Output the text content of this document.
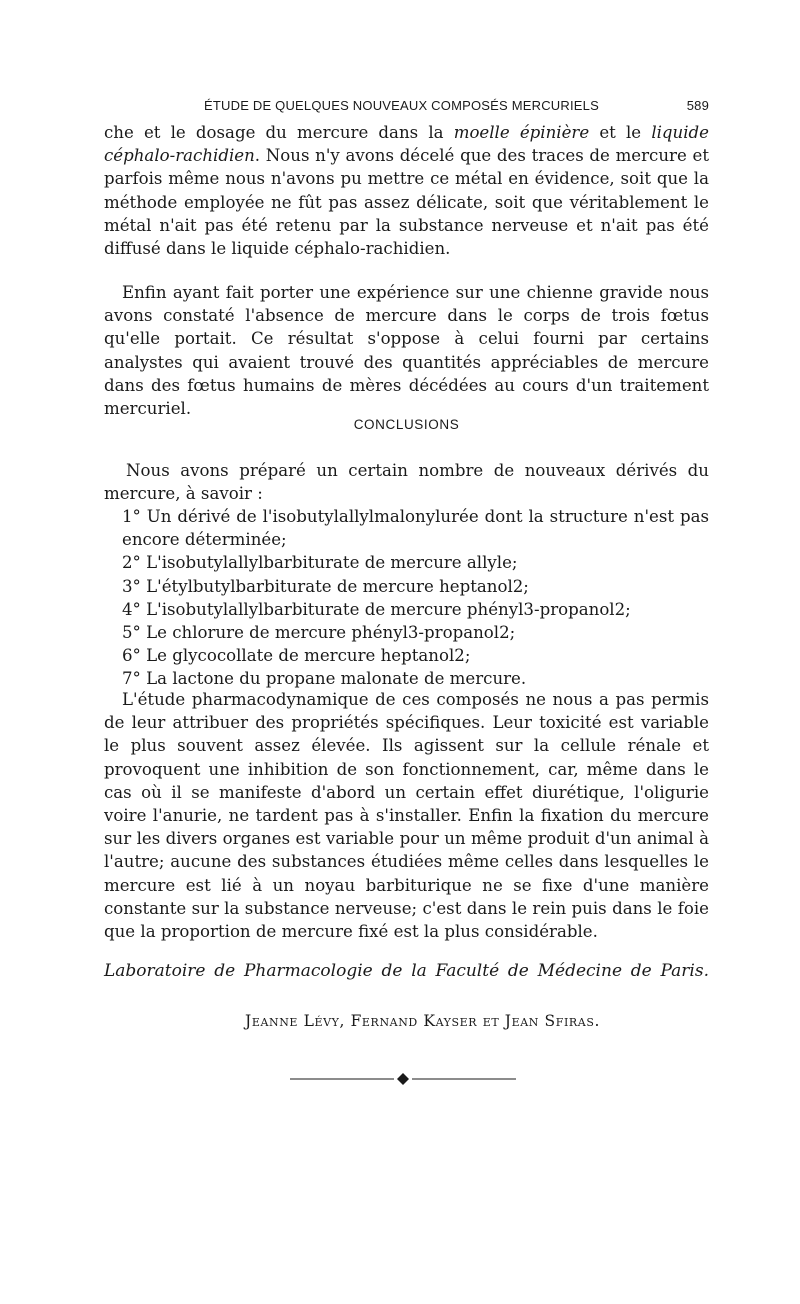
ÉTUDE DE QUELQUES NOUVEAUX COMPOSÉS MERCURIELS	589
che et le dosage du mercure dans la moelle épinière et le liquide céphalo-rachidien. Nous n'y avons décelé que des traces de mercure et parfois même nous n'avons pu mettre ce métal en évidence, soit que la méthode employée ne fût pas assez délicate, soit que véritablement le métal n'ait pas été retenu par la substance nerveuse et n'ait pas été diffusé dans le liquide céphalo-rachidien.
Enfin ayant fait porter une expérience sur une chienne gravide nous avons constaté l'absence de mercure dans le corps de trois fœtus qu'elle portait. Ce résultat s'oppose à celui fourni par certains analystes qui avaient trouvé des quantités appréciables de mercure dans des fœtus humains de mères décédées au cours d'un traitement mercuriel.
CONCLUSIONS
Nous avons préparé un certain nombre de nouveaux dérivés du mercure, à savoir :
1° Un dérivé de l'isobutylallylmalonylurée dont la structure n'est pas encore déterminée;
2° L'isobutylallylbarbiturate de mercure allyle;
3° L'étylbutylbarbiturate de mercure heptanol2;
4° L'isobutylallylbarbiturate de mercure phényl3-propanol2;
5° Le chlorure de mercure phényl3-propanol2;
6° Le glycocollate de mercure heptanol2;
7° La lactone du propane malonate de mercure.
L'étude pharmacodynamique de ces composés ne nous a pas permis de leur attribuer des propriétés spécifiques. Leur toxicité est variable le plus souvent assez élevée. Ils agissent sur la cellule rénale et provoquent une inhibition de son fonctionnement, car, même dans le cas où il se manifeste d'abord un certain effet diurétique, l'oligurie voire l'anurie, ne tardent pas à s'installer. Enfin la fixation du mercure sur les divers organes est variable pour un même produit d'un animal à l'autre; aucune des substances étudiées même celles dans lesquelles le mercure est lié à un noyau barbiturique ne se fixe d'une manière constante sur la substance nerveuse; c'est dans le rein puis dans le foie que la proportion de mercure fixé est la plus considérable.
Laboratoire de Pharmacologie de la Faculté de Médecine de Paris.
Jeanne Lévy, Fernand Kayser et Jean Sfiras.
